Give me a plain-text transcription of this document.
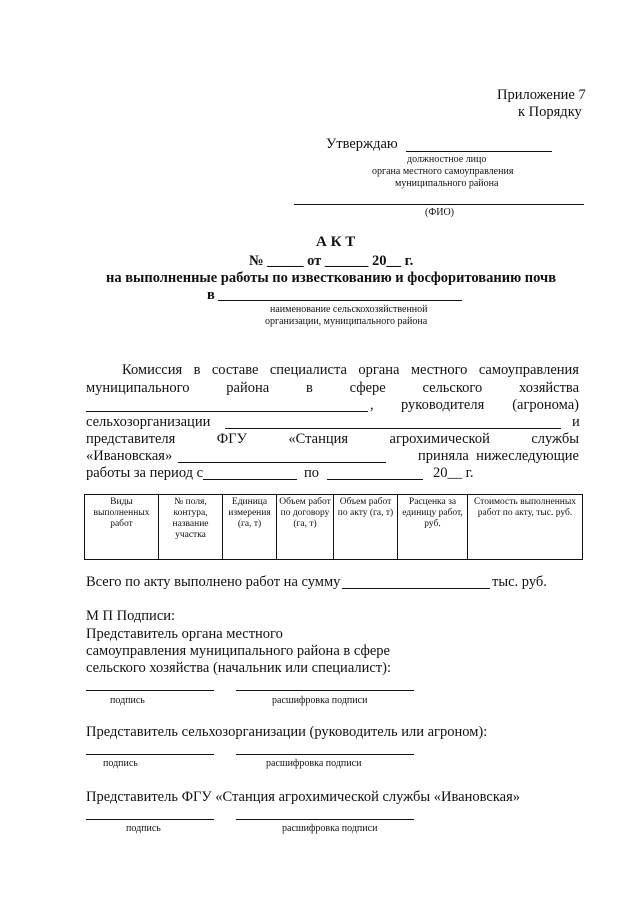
Приложение 7
к Порядку
Утверждаю
должностное лицо
органа местного самоуправления
муниципального района
(ФИО)
А К Т
№ _____ от ______ 20__ г.
на выполненные работы по известкованию и фосфоритованию почв
в
наименование сельскохозяйственной
организации, муниципального района
Комиссия в составе специалиста органа местного самоуправления
муниципального	района	в	сфере	сельского	хозяйства
, руководителя (агронома)
сельхозорганизации	и
представителя	ФГУ	«Станция	агрохимической	службы
«Ивановская»	приняла нижеследующие
работы за период с	по	20__ г.
Виды выполненных работ	№ поля, контура, название участка	Единица измерения (га, т)	Объем работ по договору (га, т)	Объем работ по акту (га, т)	Расценка за единицу работ, руб.	Стоимость выполненных работ по акту, тыс. руб.
Всего по акту выполнено работ на сумму	тыс. руб.
М П Подписи:
Представитель органа местного
самоуправления муниципального района в сфере
сельского хозяйства (начальник или специалист):
подпись	расшифровка подписи
Представитель сельхозорганизации (руководитель или агроном):
подпись	расшифровка подписи
Представитель ФГУ «Станция агрохимической службы «Ивановская»
подпись	расшифровка подписи
